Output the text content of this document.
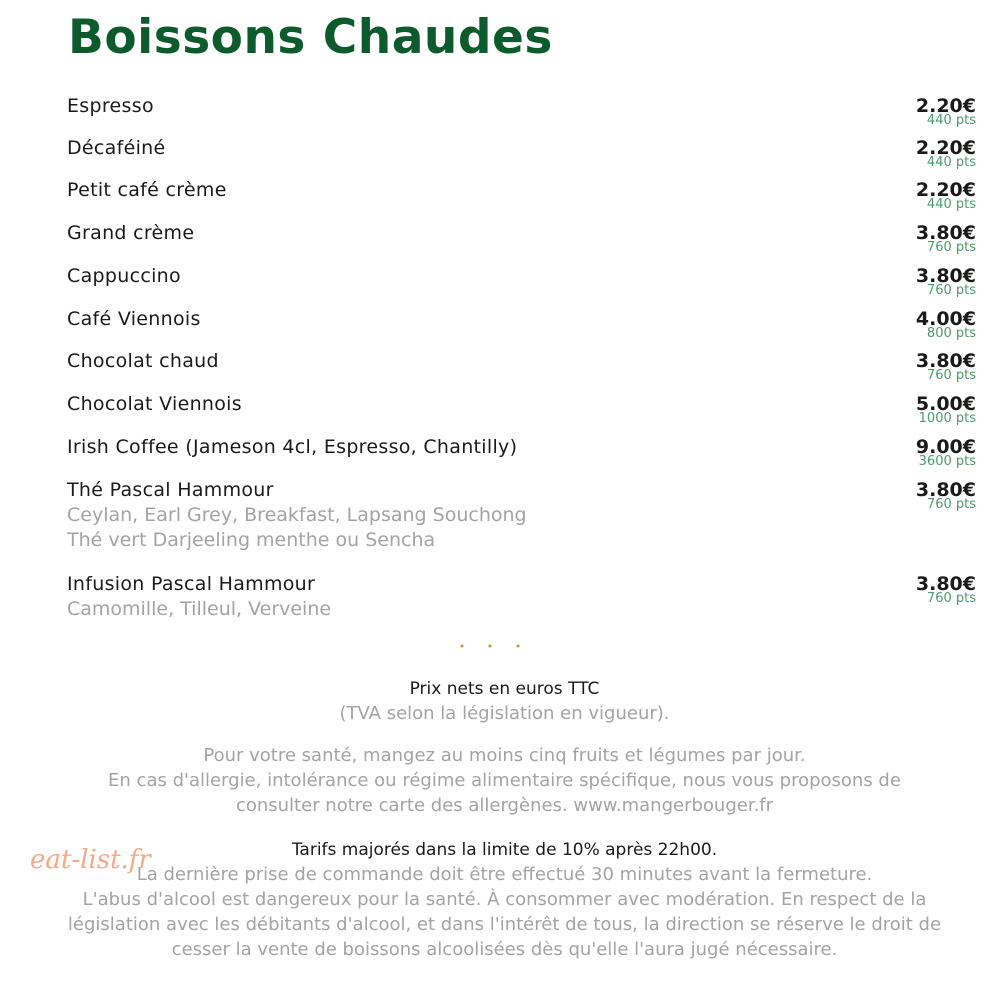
Boissons Chaudes
Espresso	2.20€
440 pts
Décaféiné	2.20€
440 pts
Petit café crème	2.20€
440 pts
Grand crème	3.80€
760 pts
Cappuccino	3.80€
760 pts
Café Viennois	4.00€
800 pts
Chocolat chaud	3.80€
760 pts
Chocolat Viennois	5.00€
1000 pts
Irish Coffee (Jameson 4cl, Espresso, Chantilly)	9.00€
3600 pts
Thé Pascal Hammour
Ceylan, Earl Grey, Breakfast, Lapsang Souchong
Thé vert Darjeeling menthe ou Sencha
3.80€
760 pts
Infusion Pascal Hammour
Camomille, Tilleul, Verveine
3.80€
760 pts
• • •
Prix nets en euros TTC
(TVA selon la législation en vigueur).
Pour votre santé, mangez au moins cinq fruits et légumes par jour.
En cas d'allergie, intolérance ou régime alimentaire spécifique, nous vous proposons de
consulter notre carte des allergènes. www.mangerbouger.fr
Tarifs majorés dans la limite de 10% après 22h00.
La dernière prise de commande doit être effectué 30 minutes avant la fermeture.
L'abus d'alcool est dangereux pour la santé. À consommer avec modération. En respect de la
législation avec les débitants d'alcool, et dans l'intérêt de tous, la direction se réserve le droit de
cesser la vente de boissons alcoolisées dès qu'elle l'aura jugé nécessaire.
eat-list.fr
